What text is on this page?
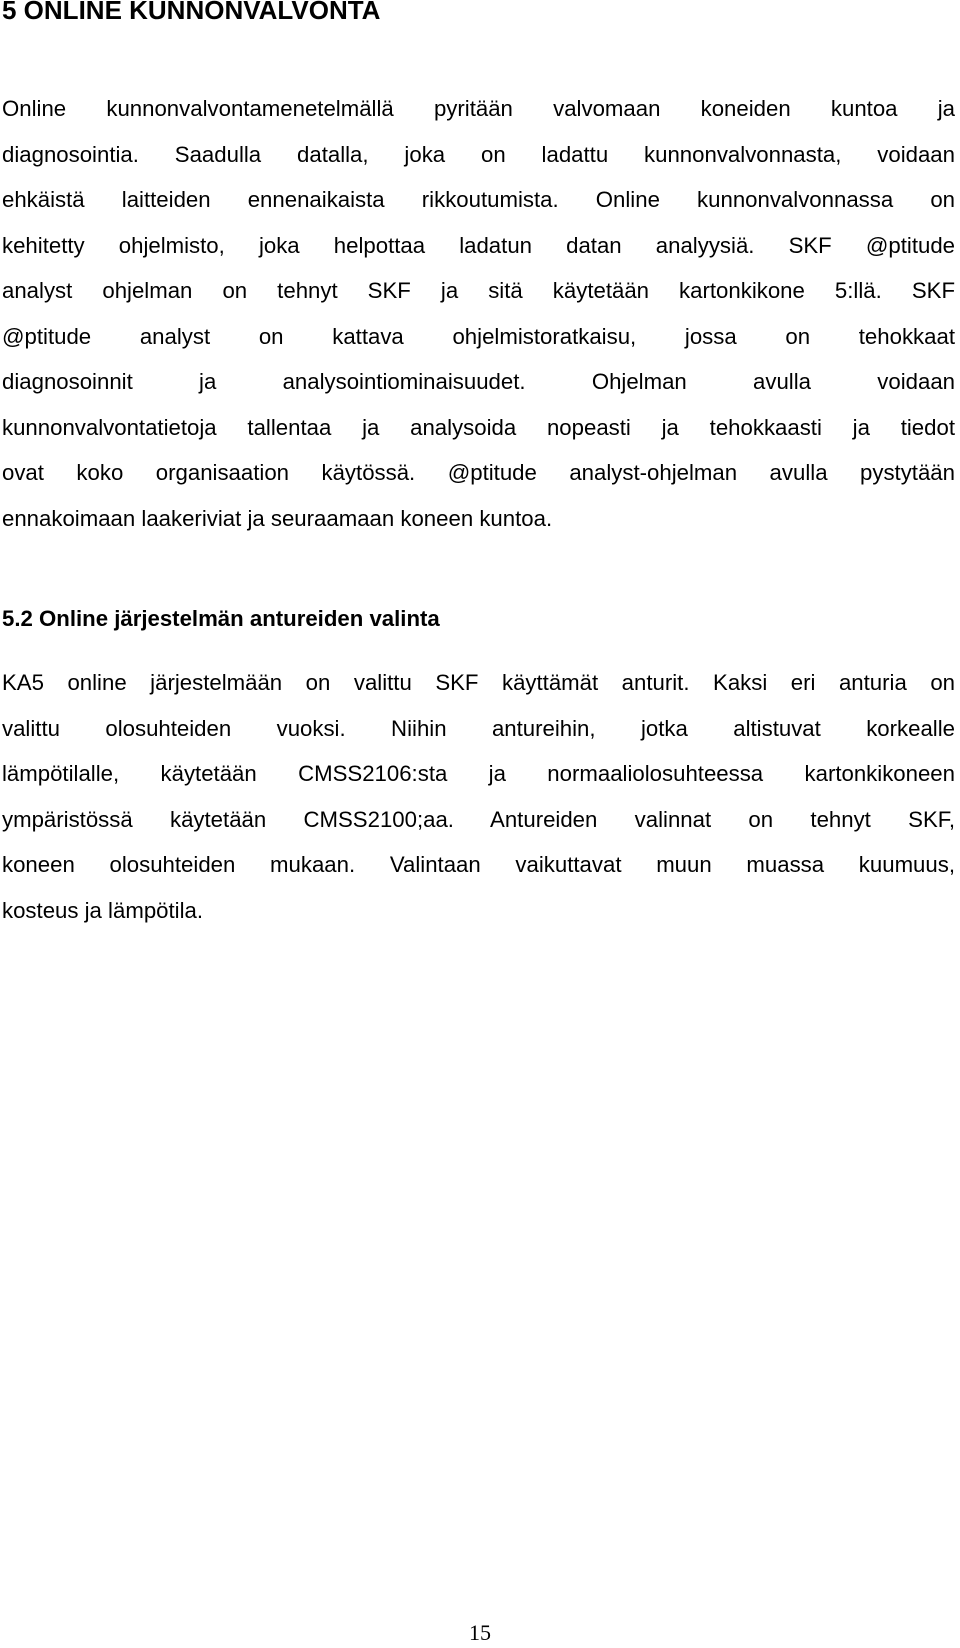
5 ONLINE KUNNONVALVONTA

Online kunnonvalvontamenetelmällä pyritään valvomaan koneiden kuntoa ja
diagnosointia. Saadulla datalla, joka on ladattu kunnonvalvonnasta, voidaan
ehkäistä laitteiden ennenaikaista rikkoutumista. Online kunnonvalvonnassa on
kehitetty ohjelmisto, joka helpottaa ladatun datan analyysiä. SKF @ptitude
analyst ohjelman on tehnyt SKF ja sitä käytetään kartonkikone 5:llä. SKF
@ptitude analyst on kattava ohjelmistoratkaisu, jossa on tehokkaat
diagnosoinnit ja analysointiominaisuudet. Ohjelman avulla voidaan
kunnonvalvontatietoja tallentaa ja analysoida nopeasti ja tehokkaasti ja tiedot
ovat koko organisaation käytössä. @ptitude analyst-ohjelman avulla pystytään
ennakoimaan laakeriviat ja seuraamaan koneen kuntoa.

5.2 Online järjestelmän antureiden valinta

KA5 online järjestelmään on valittu SKF käyttämät anturit. Kaksi eri anturia on
valittu olosuhteiden vuoksi. Niihin antureihin, jotka altistuvat korkealle
lämpötilalle, käytetään CMSS2106:sta ja normaaliolosuhteessa kartonkikoneen
ympäristössä käytetään CMSS2100;aa. Antureiden valinnat on tehnyt SKF,
koneen olosuhteiden mukaan. Valintaan vaikuttavat muun muassa kuumuus,
kosteus ja lämpötila.

15
